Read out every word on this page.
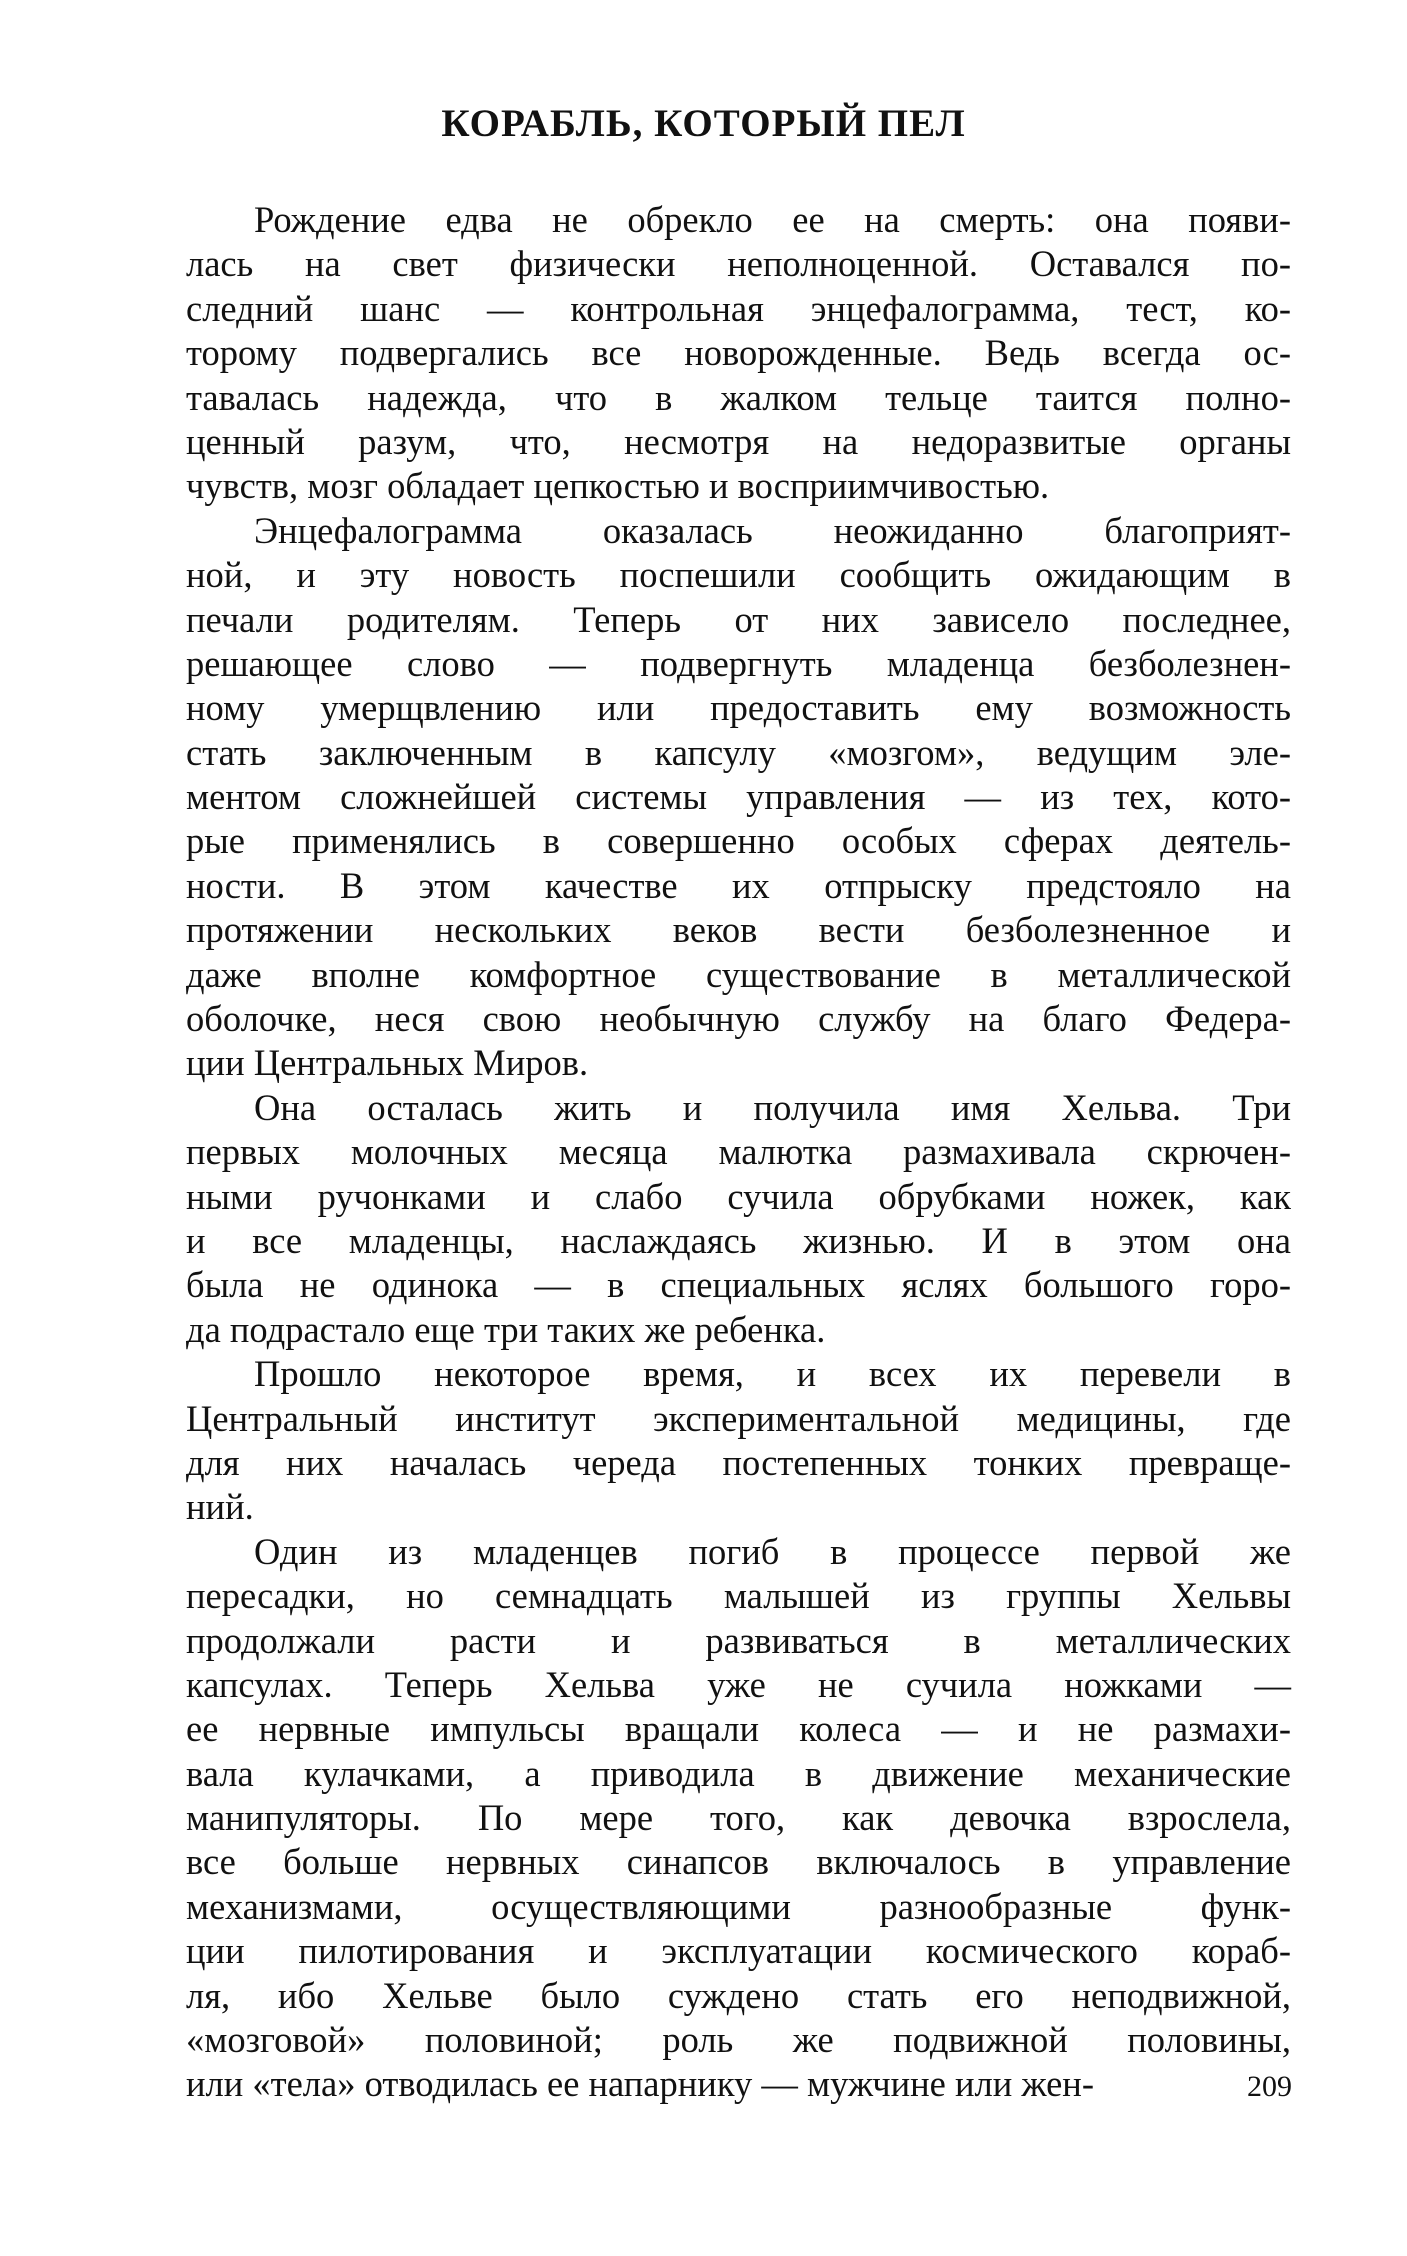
КОРАБЛЬ, КОТОРЫЙ ПЕЛ

Рождение едва не обрекло ее на смерть: она появи-
лась на свет физически неполноценной. Оставался по-
следний шанс — контрольная энцефалограмма, тест, ко-
торому подвергались все новорожденные. Ведь всегда ос-
тавалась надежда, что в жалком тельце таится полно-
ценный разум, что, несмотря на недоразвитые органы
чувств, мозг обладает цепкостью и восприимчивостью.

Энцефалограмма оказалась неожиданно благоприят-
ной, и эту новость поспешили сообщить ожидающим в
печали родителям. Теперь от них зависело последнее,
решающее слово — подвергнуть младенца безболезнен-
ному умерщвлению или предоставить ему возможность
стать заключенным в капсулу «мозгом», ведущим эле-
ментом сложнейшей системы управления — из тех, кото-
рые применялись в совершенно особых сферах деятель-
ности. В этом качестве их отпрыску предстояло на
протяжении нескольких веков вести безболезненное и
даже вполне комфортное существование в металлической
оболочке, неся свою необычную службу на благо Федера-
ции Центральных Миров.

Она осталась жить и получила имя Хельва. Три
первых молочных месяца малютка размахивала скрючен-
ными ручонками и слабо сучила обрубками ножек, как
и все младенцы, наслаждаясь жизнью. И в этом она
была не одинока — в специальных яслях большого горо-
да подрастало еще три таких же ребенка.

Прошло некоторое время, и всех их перевели в
Центральный институт экспериментальной медицины, где
для них началась череда постепенных тонких превраще-
ний.

Один из младенцев погиб в процессе первой же
пересадки, но семнадцать малышей из группы Хельвы
продолжали расти и развиваться в металлических
капсулах. Теперь Хельва уже не сучила ножками —
ее нервные импульсы вращали колеса — и не размахи-
вала кулачками, а приводила в движение механические
манипуляторы. По мере того, как девочка взрослела,
все больше нервных синапсов включалось в управление
механизмами, осуществляющими разнообразные функ-
ции пилотирования и эксплуатации космического кораб-
ля, ибо Хельве было суждено стать его неподвижной,
«мозговой» половиной; роль же подвижной половины,
или «тела» отводилась ее напарнику — мужчине или жен-	209
